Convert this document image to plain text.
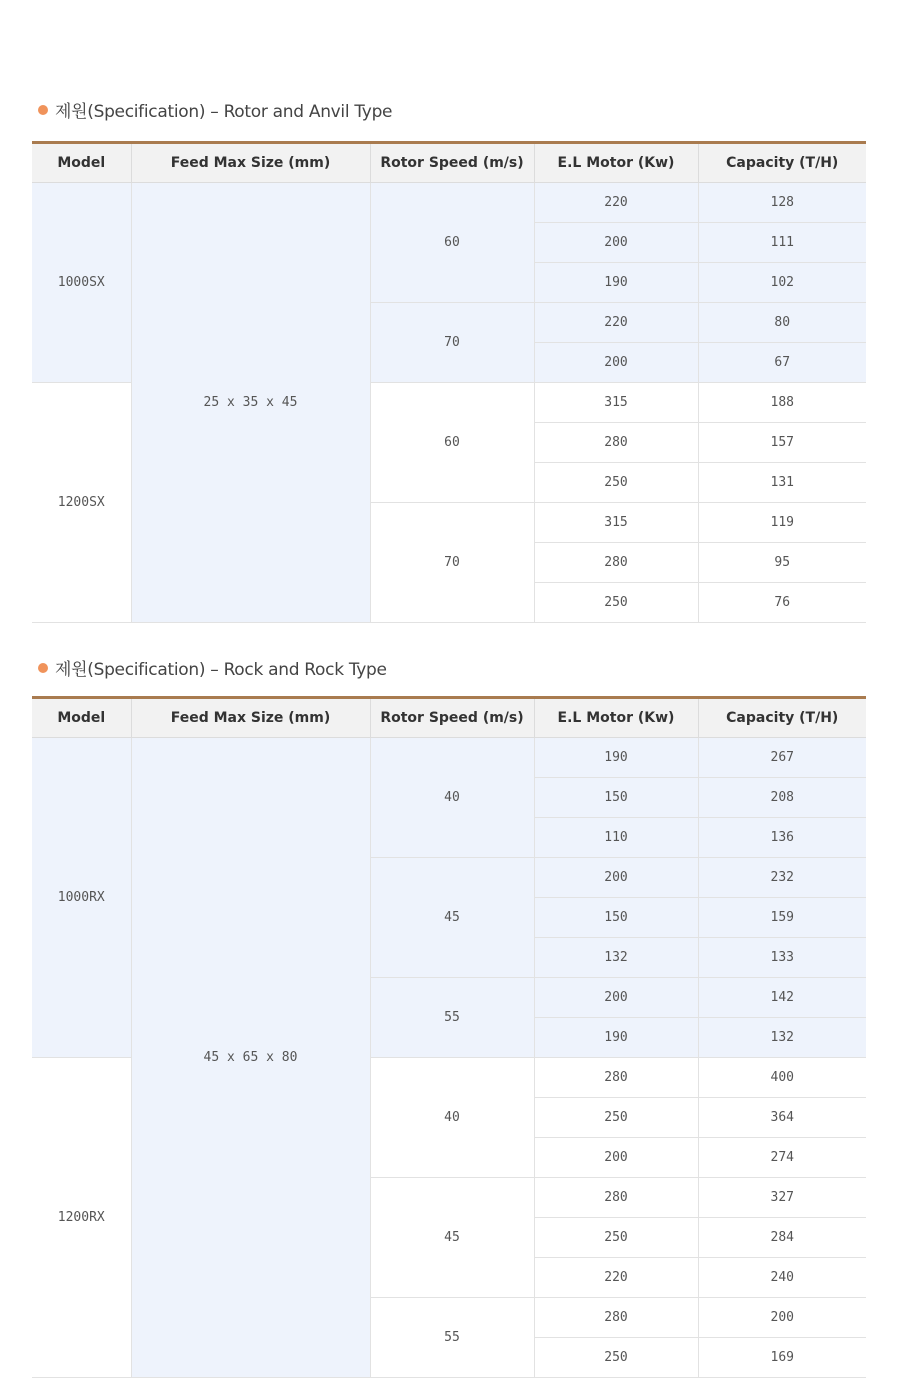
제원(Specification) – Rotor and Anvil Type
Model	Feed Max Size (mm)	Rotor Speed (m/s)	E.L Motor (Kw)	Capacity (T/H)
1000SX	25 x 35 x 45	60	220	128
			200	111
			190	102
		70	220	80
			200	67
1200SX		60	315	188
			280	157
			250	131
		70	315	119
			280	95
			250	76
제원(Specification) – Rock and Rock Type
Model	Feed Max Size (mm)	Rotor Speed (m/s)	E.L Motor (Kw)	Capacity (T/H)
1000RX	45 x 65 x 80	40	190	267
			150	208
			110	136
		45	200	232
			150	159
			132	133
		55	200	142
			190	132
1200RX		40	280	400
			250	364
			200	274
		45	280	327
			250	284
			220	240
		55	280	200
			250	169
